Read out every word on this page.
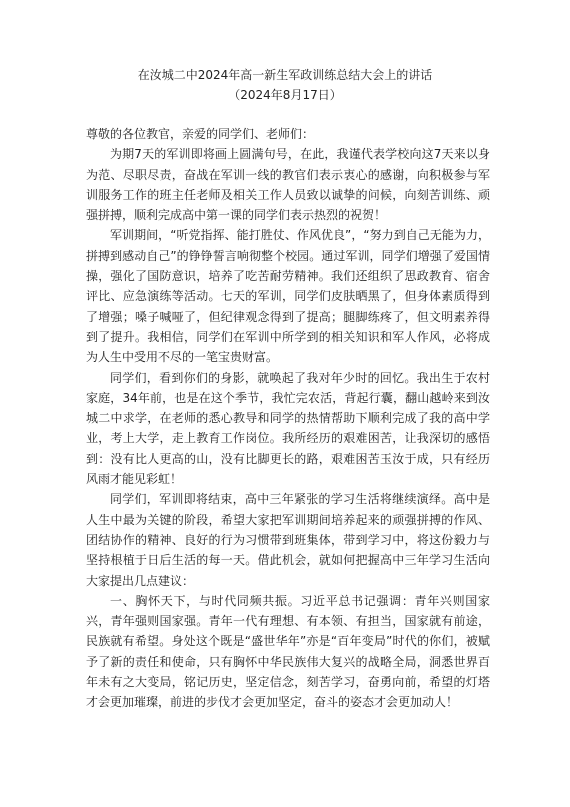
在汝城二中2024年高一新生军政训练总结大会上的讲话
（2024年8月17日）

尊敬的各位教官，亲爱的同学们、老师们：

为期7天的军训即将画上圆满句号，在此，我谨代表学校向这7天来以身为范、尽职尽责，奋战在军训一线的教官们表示衷心的感谢，向积极参与军训服务工作的班主任老师及相关工作人员致以诚挚的问候，向刻苦训练、顽强拼搏，顺利完成高中第一课的同学们表示热烈的祝贺！

军训期间，“听党指挥、能打胜仗、作风优良”，“努力到自己无能为力，拼搏到感动自己”的铮铮誓言响彻整个校园。通过军训，同学们增强了爱国情操，强化了国防意识，培养了吃苦耐劳精神。我们还组织了思政教育、宿舍评比、应急演练等活动。七天的军训，同学们皮肤晒黑了，但身体素质得到了增强；嗓子喊哑了，但纪律观念得到了提高；腿脚练疼了，但文明素养得到了提升。我相信，同学们在军训中所学到的相关知识和军人作风，必将成为人生中受用不尽的一笔宝贵财富。

同学们，看到你们的身影，就唤起了我对年少时的回忆。我出生于农村家庭，34年前，也是在这个季节，我忙完农活，背起行囊，翻山越岭来到汝城二中求学，在老师的悉心教导和同学的热情帮助下顺利完成了我的高中学业，考上大学，走上教育工作岗位。我所经历的艰难困苦，让我深切的感悟到：没有比人更高的山，没有比脚更长的路，艰难困苦玉汝于成，只有经历风雨才能见彩虹！

同学们，军训即将结束，高中三年紧张的学习生活将继续演绎。高中是人生中最为关键的阶段，希望大家把军训期间培养起来的顽强拼搏的作风、团结协作的精神、良好的行为习惯带到班集体，带到学习中，将这份毅力与坚持根植于日后生活的每一天。借此机会，就如何把握高中三年学习生活向大家提出几点建议：

一、胸怀天下，与时代同频共振。习近平总书记强调：青年兴则国家兴，青年强则国家强。青年一代有理想、有本领、有担当，国家就有前途，民族就有希望。身处这个既是“盛世华年”亦是“百年变局”时代的你们，被赋予了新的责任和使命，只有胸怀中华民族伟大复兴的战略全局，洞悉世界百年未有之大变局，铭记历史，坚定信念，刻苦学习，奋勇向前，希望的灯塔才会更加璀璨，前进的步伐才会更加坚定，奋斗的姿态才会更加动人！
